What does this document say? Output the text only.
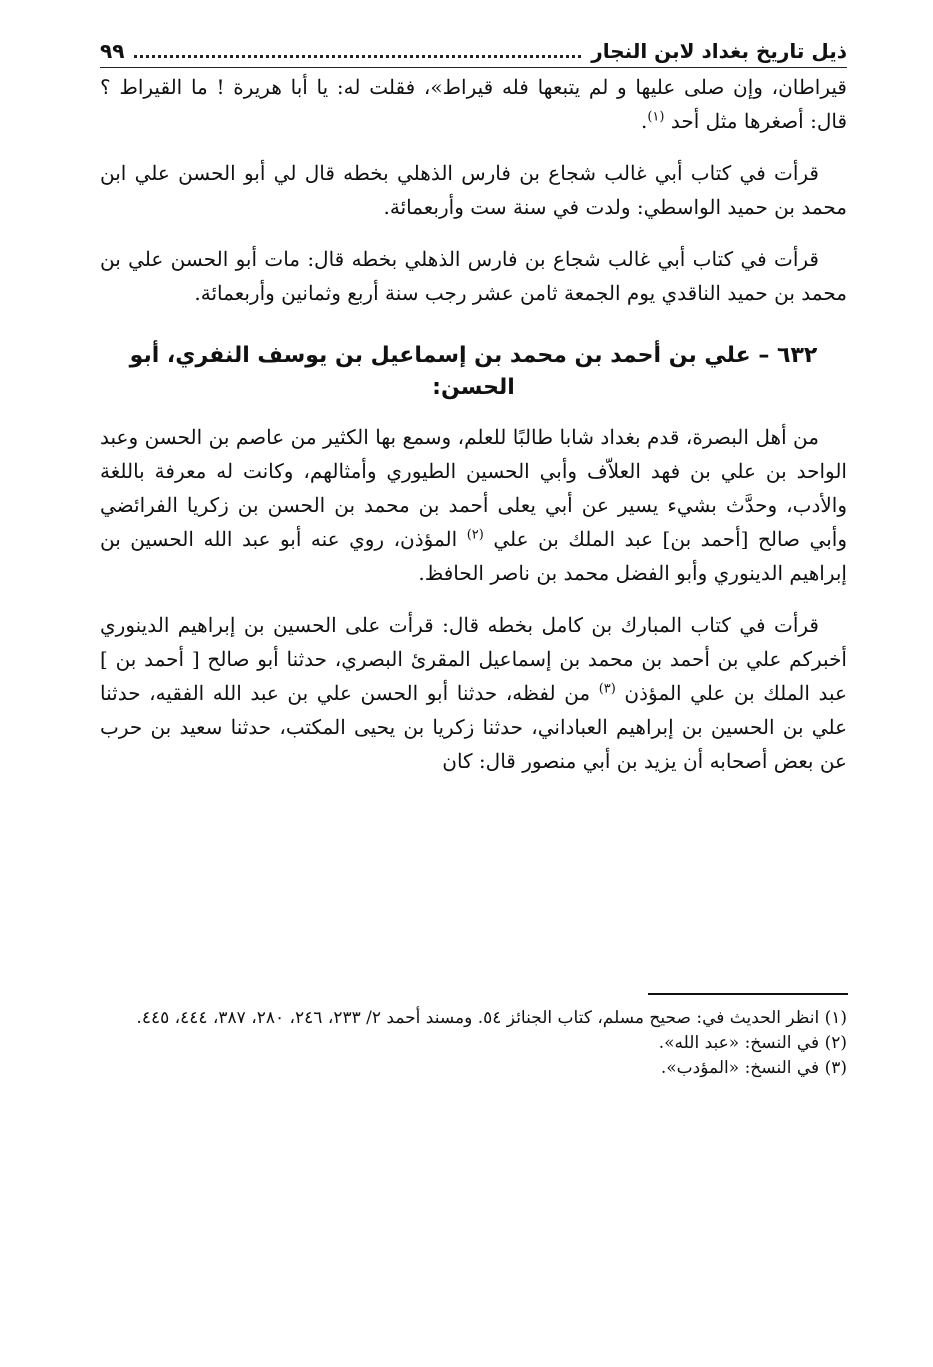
ذيل تاريخ بغداد لابن النجار
٩٩

قيراطان، وإن صلى عليها و لم يتبعها فله قيراط»، فقلت له: يا أبا هريرة ! ما القيراط ؟ قال: أصغرها مثل أحد $^{(١)}$.

قرأت في كتاب أبي غالب شجاع بن فارس الذهلي بخطه قال لي أبو الحسن علي ابن محمد بن حميد الواسطي: ولدت في سنة ست وأربعمائة.

قرأت في كتاب أبي غالب شجاع بن فارس الذهلي بخطه قال: مات أبو الحسن علي بن محمد بن حميد الناقدي يوم الجمعة ثامن عشر رجب سنة أربع وثمانين وأربعمائة.

٦٣٢ – علي بن أحمد بن محمد بن إسماعيل بن يوسف النفري، أبو الحسن:

من أهل البصرة، قدم بغداد شابا طالبًا للعلم، وسمع بها الكثير من عاصم بن الحسن وعبد الواحد بن علي بن فهد العلاّف وأبي الحسين الطيوري وأمثالهم، وكانت له معرفة باللغة والأدب، وحدَّث بشيء يسير عن أبي يعلى أحمد بن محمد بن الحسن بن زكريا الفرائضي وأبي صالح [أحمد بن] عبد الملك بن علي $^{(٢)}$ المؤذن، روي عنه أبو عبد الله الحسين بن إبراهيم الدينوري وأبو الفضل محمد بن ناصر الحافظ.

قرأت في كتاب المبارك بن كامل بخطه قال: قرأت على الحسين بن إبراهيم الدينوري أخبركم علي بن أحمد بن محمد بن إسماعيل المقرئ البصري، حدثنا أبو صالح [ أحمد بن ] عبد الملك بن علي المؤذن $^{(٣)}$ من لفظه، حدثنا أبو الحسن علي بن عبد الله الفقيه، حدثنا علي بن الحسين بن إبراهيم العباداني، حدثنا زكريا بن يحيى المكتب، حدثنا سعيد بن حرب عن بعض أصحابه أن يزيد بن أبي منصور قال: كان

(١) انظر الحديث في: صحيح مسلم، كتاب الجنائز ٥٤. ومسند أحمد ٢/ ٢٣٣، ٢٤٦، ٢٨٠، ٣٨٧، ٤٤٤، ٤٤٥.

(٢) في النسخ: «عبد الله».

(٣) في النسخ: «المؤدب».
